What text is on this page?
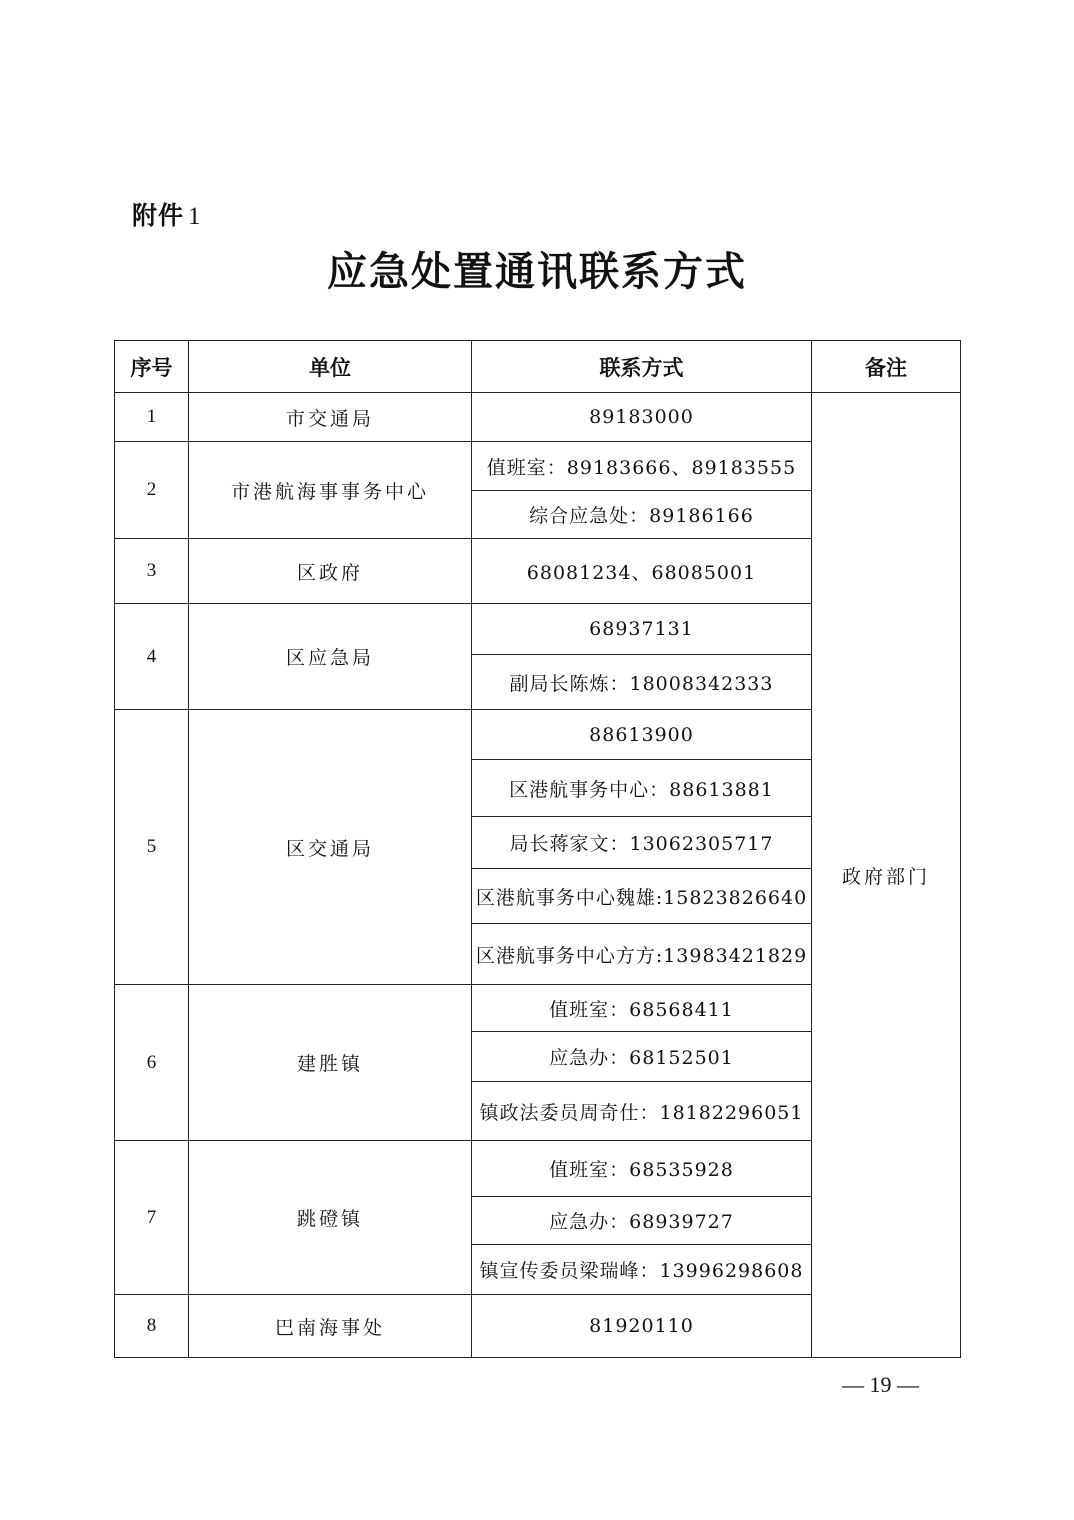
附件 1
应急处置通讯联系方式
序号	单位	联系方式	备注
1	市交通局	89183000	政府部门
2	市港航海事事务中心	值班室：89183666、89183555	
		综合应急处：89186166	
3	区政府	68081234、68085001	
4	区应急局	68937131	
		副局长陈炼：18008342333	
5	区交通局	88613900	
		区港航事务中心：88613881	
		局长蒋家文：13062305717	
		区港航事务中心魏雄:15823826640	
		区港航事务中心方方:13983421829	
6	建胜镇	值班室：68568411	
		应急办：68152501	
		镇政法委员周奇仕：18182296051	
7	跳磴镇	值班室：68535928	
		应急办：68939727	
		镇宣传委员梁瑞峰：13996298608	
8	巴南海事处	81920110	
— 19 —
